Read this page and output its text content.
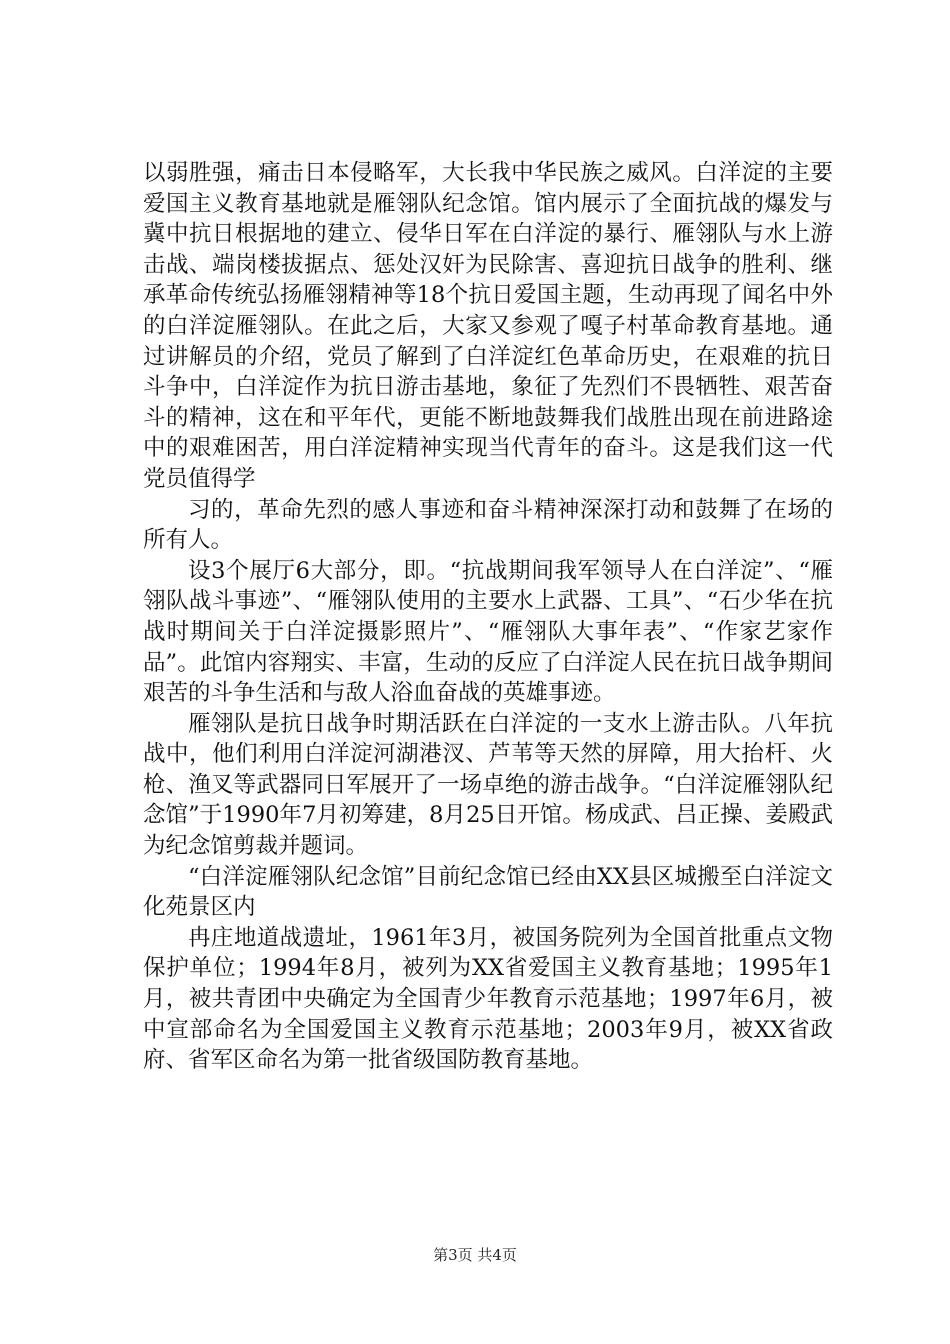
以弱胜强，痛击日本侵略军，大长我中华民族之威风。白洋淀的主要爱国主义教育基地就是雁翎队纪念馆。馆内展示了全面抗战的爆发与冀中抗日根据地的建立、侵华日军在白洋淀的暴行、雁翎队与水上游击战、端岗楼拔据点、惩处汉奸为民除害、喜迎抗日战争的胜利、继承革命传统弘扬雁翎精神等18个抗日爱国主题，生动再现了闻名中外的白洋淀雁翎队。在此之后，大家又参观了嘎子村革命教育基地。通过讲解员的介绍，党员了解到了白洋淀红色革命历史，在艰难的抗日斗争中，白洋淀作为抗日游击基地，象征了先烈们不畏牺牲、艰苦奋斗的精神，这在和平年代，更能不断地鼓舞我们战胜出现在前进路途中的艰难困苦，用白洋淀精神实现当代青年的奋斗。这是我们这一代党员值得学

习的，革命先烈的感人事迹和奋斗精神深深打动和鼓舞了在场的所有人。

设3个展厅6大部分，即。“抗战期间我军领导人在白洋淀”、“雁翎队战斗事迹”、“雁翎队使用的主要水上武器、工具”、“石少华在抗战时期间关于白洋淀摄影照片”、“雁翎队大事年表”、“作家艺家作品”。此馆内容翔实、丰富，生动的反应了白洋淀人民在抗日战争期间艰苦的斗争生活和与敌人浴血奋战的英雄事迹。

雁翎队是抗日战争时期活跃在白洋淀的一支水上游击队。八年抗战中，他们利用白洋淀河湖港汊、芦苇等天然的屏障，用大抬杆、火枪、渔叉等武器同日军展开了一场卓绝的游击战争。“白洋淀雁翎队纪念馆”于1990年7月初筹建，8月25日开馆。杨成武、吕正操、姜殿武为纪念馆剪裁并题词。

“白洋淀雁翎队纪念馆”目前纪念馆已经由XX县区城搬至白洋淀文化苑景区内

冉庄地道战遗址，1961年3月，被国务院列为全国首批重点文物保护单位；1994年8月，被列为XX省爱国主义教育基地；1995年1月，被共青团中央确定为全国青少年教育示范基地；1997年6月，被中宣部命名为全国爱国主义教育示范基地；2003年9月，被XX省政府、省军区命名为第一批省级国防教育基地。

第3页 共4页
